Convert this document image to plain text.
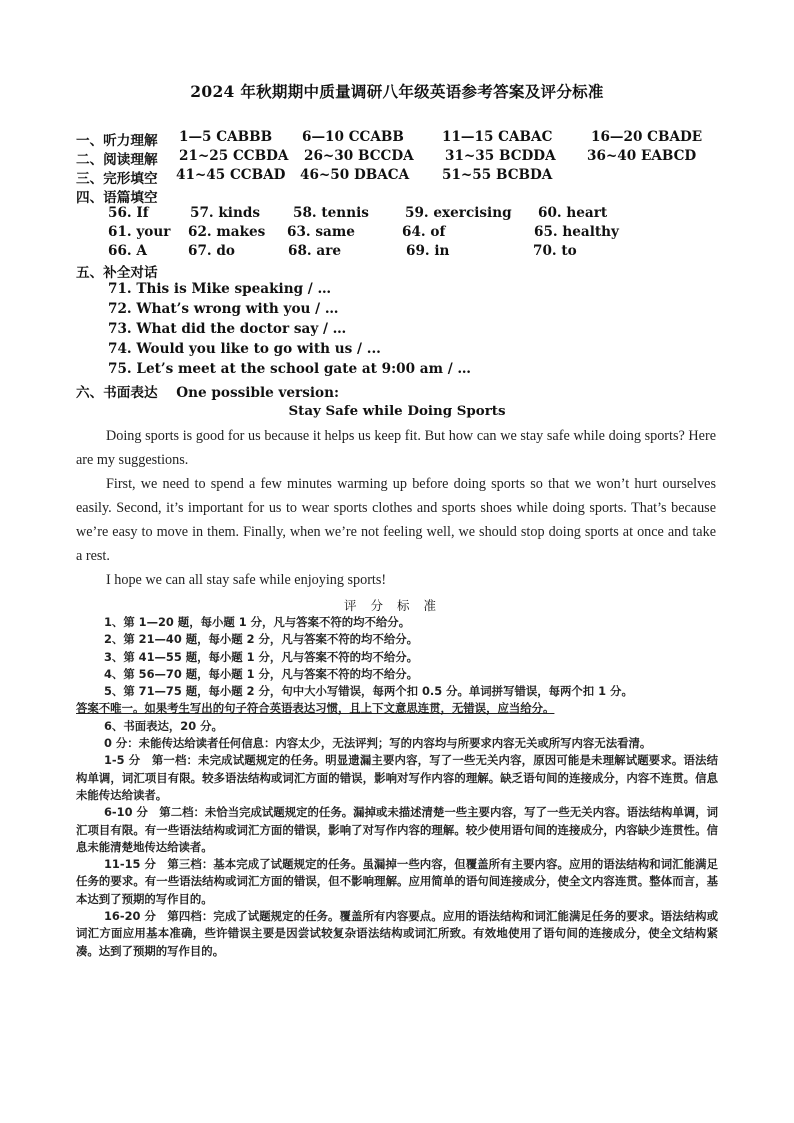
2024 年秋期期中质量调研八年级英语参考答案及评分标准
一、听力理解 1—5 CABBB 6—10 CCABB	11—15 CABAC	16—20 CBADE
二、阅读理解 21~25 CCBDA 26~30 BCCDA 31~35 BCDDA 36~40 EABCD
三、完形填空 41~45 CCBAD 46~50 DBACA 51~55 BCBDA
四、语篇填空
56. If	57. kinds 58. tennis	59. exercising 60. heart
61. your 62. makes 63. same	64. of	65. healthy
66. A	67. do	68. are	69. in	70. to
五、补全对话
71. This is Mike speaking / …
72. What’s wrong with you / …
73. What did the doctor say / …
74. Would you like to go with us / ...
75. Let’s meet at the school gate at 9:00 am / …
六、书面表达 One possible version:
Stay Safe while Doing Sports

Doing sports is good for us because it helps us keep fit. But how can we stay safe while doing sports? Here are my suggestions.

First, we need to spend a few minutes warming up before doing sports so that we won’t hurt ourselves easily. Second, it’s important for us to wear sports clothes and sports shoes while doing sports. That’s because we’re easy to move in them. Finally, when we’re not feeling well, we should stop doing sports at once and take a rest.

I hope we can all stay safe while enjoying sports!

评分标准

1、第 1—20 题，每小题 1 分，凡与答案不符的均不给分。

2、第 21—40 题，每小题 2 分，凡与答案不符的均不给分。

3、第 41—55 题，每小题 1 分，凡与答案不符的均不给分。

4、第 56—70 题，每小题 1 分，凡与答案不符的均不给分。

5、第 71—75 题，每小题 2 分，句中大小写错误，每两个扣 0.5 分。单词拼写错误，每两个扣 1 分。

答案不唯一。如果考生写出的句子符合英语表达习惯，且上下文意思连贯，无错误，应当给分。

6、书面表达，20 分。

0 分：未能传达给读者任何信息：内容太少，无法评判；写的内容均与所要求内容无关或所写内容无法看清。

1-5 分　第一档：未完成试题规定的任务。明显遗漏主要内容，写了一些无关内容，原因可能是未理解试题要求。语法结构单调，词汇项目有限。较多语法结构或词汇方面的错误，影响对写作内容的理解。缺乏语句间的连接成分，内容不连贯。信息未能传达给读者。

6-10 分　第二档：未恰当完成试题规定的任务。漏掉或未描述清楚一些主要内容，写了一些无关内容。语法结构单调，词汇项目有限。有一些语法结构或词汇方面的错误，影响了对写作内容的理解。较少使用语句间的连接成分，内容缺少连贯性。信息未能清楚地传达给读者。

11-15 分　第三档：基本完成了试题规定的任务。虽漏掉一些内容，但覆盖所有主要内容。应用的语法结构和词汇能满足任务的要求。有一些语法结构或词汇方面的错误，但不影响理解。应用简单的语句间连接成分，使全文内容连贯。整体而言，基本达到了预期的写作目的。

16-20 分　第四档：完成了试题规定的任务。覆盖所有内容要点。应用的语法结构和词汇能满足任务的要求。语法结构或词汇方面应用基本准确，些许错误主要是因尝试较复杂语法结构或词汇所致。有效地使用了语句间的连接成分，使全文结构紧凑。达到了预期的写作目的。
